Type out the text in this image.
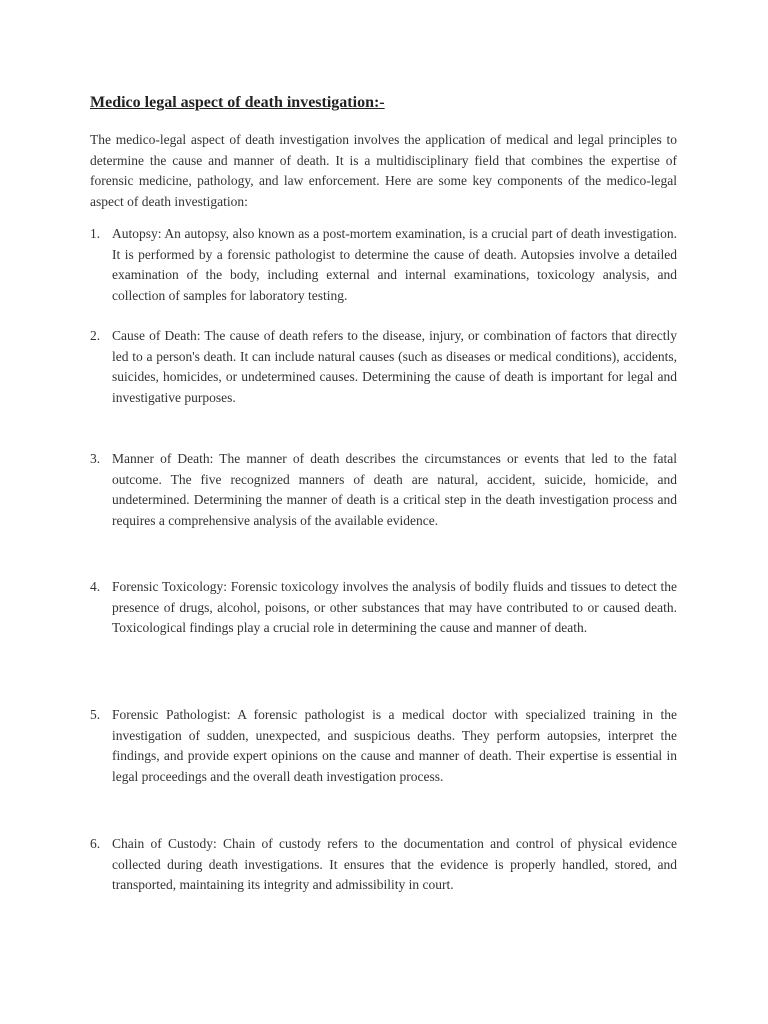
Medico legal aspect of death investigation:-

The medico-legal aspect of death investigation involves the application of medical and legal principles to determine the cause and manner of death. It is a multidisciplinary field that combines the expertise of forensic medicine, pathology, and law enforcement. Here are some key components of the medico-legal aspect of death investigation:

1. Autopsy: An autopsy, also known as a post-mortem examination, is a crucial part of death investigation. It is performed by a forensic pathologist to determine the cause of death. Autopsies involve a detailed examination of the body, including external and internal examinations, toxicology analysis, and collection of samples for laboratory testing.

2. Cause of Death: The cause of death refers to the disease, injury, or combination of factors that directly led to a person's death. It can include natural causes (such as diseases or medical conditions), accidents, suicides, homicides, or undetermined causes. Determining the cause of death is important for legal and investigative purposes.

3. Manner of Death: The manner of death describes the circumstances or events that led to the fatal outcome. The five recognized manners of death are natural, accident, suicide, homicide, and undetermined. Determining the manner of death is a critical step in the death investigation process and requires a comprehensive analysis of the available evidence.

4. Forensic Toxicology: Forensic toxicology involves the analysis of bodily fluids and tissues to detect the presence of drugs, alcohol, poisons, or other substances that may have contributed to or caused death. Toxicological findings play a crucial role in determining the cause and manner of death.

5. Forensic Pathologist: A forensic pathologist is a medical doctor with specialized training in the investigation of sudden, unexpected, and suspicious deaths. They perform autopsies, interpret the findings, and provide expert opinions on the cause and manner of death. Their expertise is essential in legal proceedings and the overall death investigation process.

6. Chain of Custody: Chain of custody refers to the documentation and control of physical evidence collected during death investigations. It ensures that the evidence is properly handled, stored, and transported, maintaining its integrity and admissibility in court.
